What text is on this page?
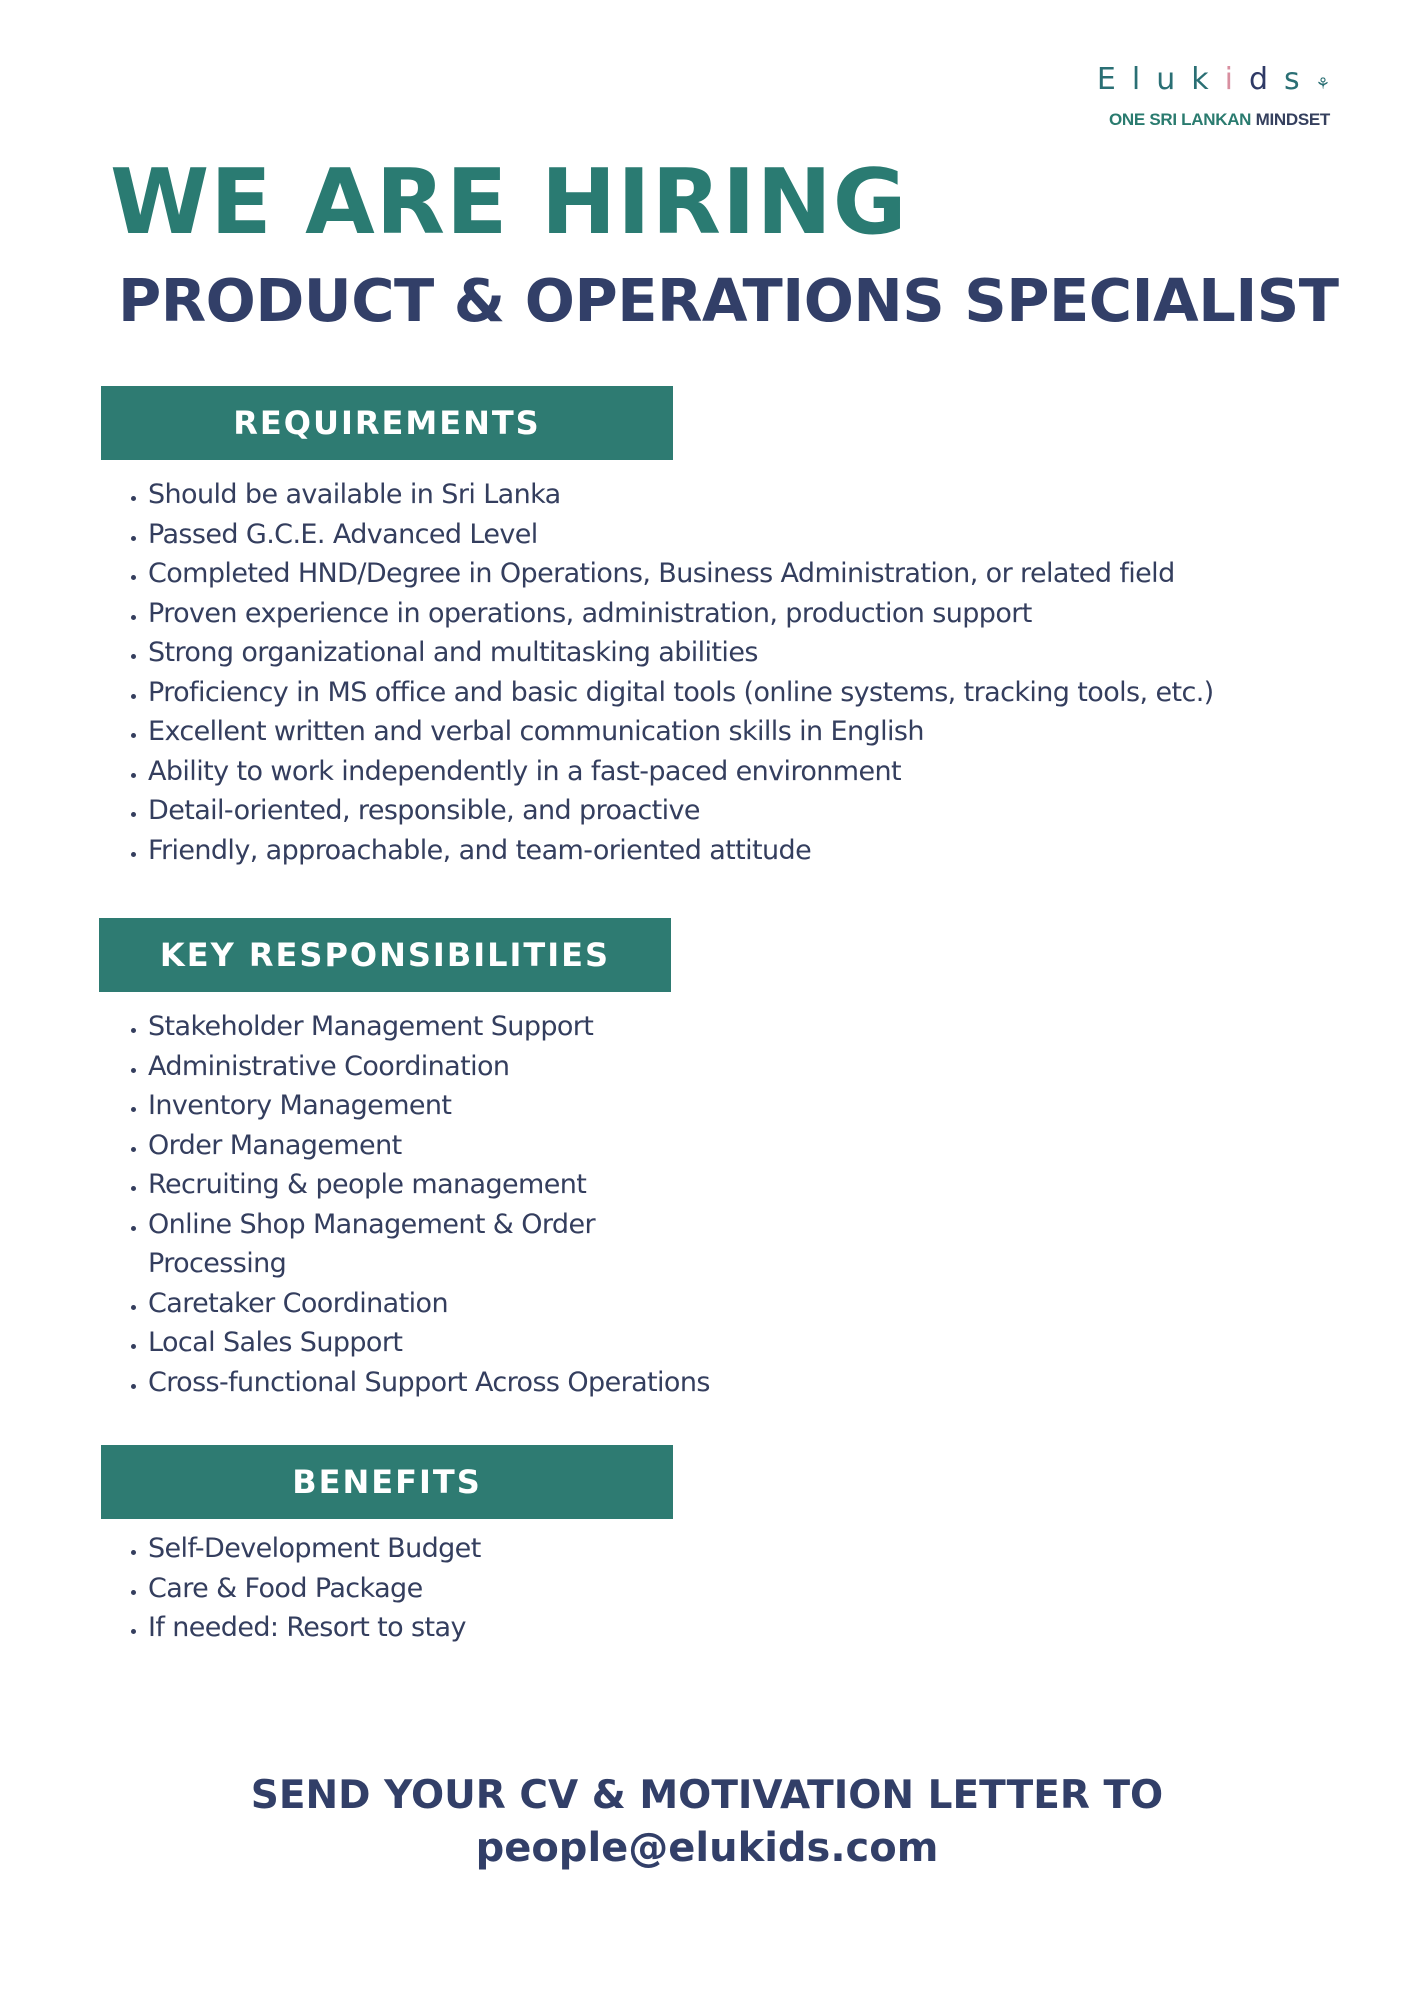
Elukids⚘
ONE SRI LANKAN MINDSET
WE ARE HIRING
PRODUCT & OPERATIONS SPECIALIST
REQUIREMENTS
• Should be available in Sri Lanka
• Passed G.C.E. Advanced Level
• Completed HND/Degree in Operations, Business Administration, or related field
• Proven experience in operations, administration, production support
• Strong organizational and multitasking abilities
• Proficiency in MS office and basic digital tools (online systems, tracking tools, etc.)
• Excellent written and verbal communication skills in English
• Ability to work independently in a fast-paced environment
• Detail-oriented, responsible, and proactive
• Friendly, approachable, and team-oriented attitude
KEY RESPONSIBILITIES
• Stakeholder Management Support
• Administrative Coordination
• Inventory Management
• Order Management
• Recruiting & people management
• Online Shop Management & Order Processing
• Caretaker Coordination
• Local Sales Support
• Cross-functional Support Across Operations
BENEFITS
• Self-Development Budget
• Care & Food Package
• If needed: Resort to stay
SEND YOUR CV & MOTIVATION LETTER TO
people@elukids.com
